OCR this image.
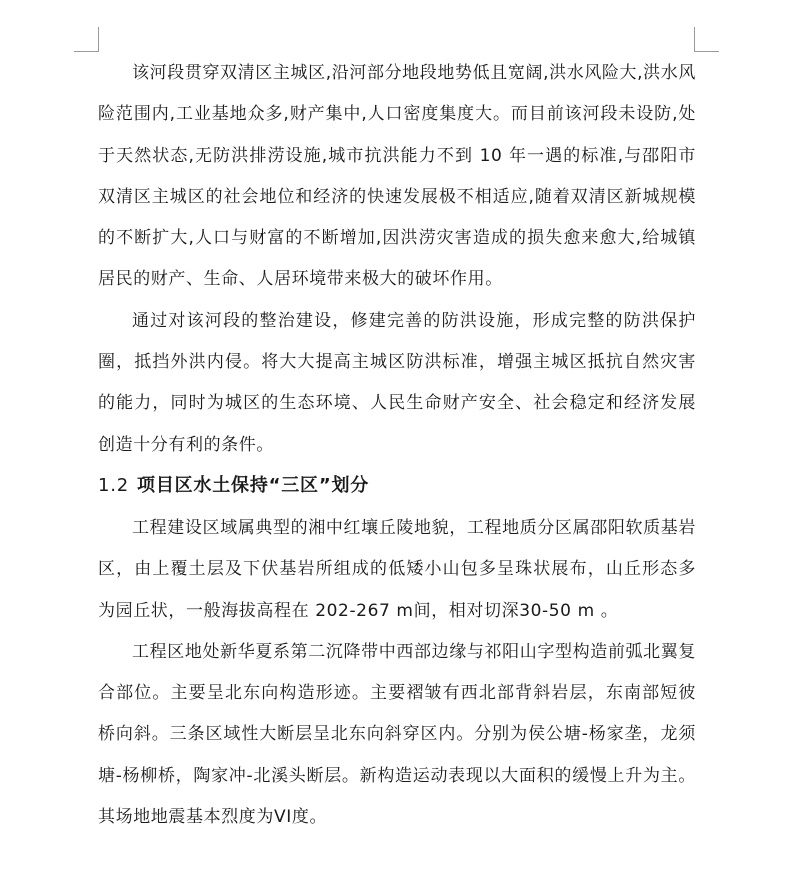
该河段贯穿双清区主城区,沿河部分地段地势低且宽阔,洪水风险大,洪水风险范围内,工业基地众多,财产集中,人口密度集度大。而目前该河段未设防,处于天然状态,无防洪排涝设施,城市抗洪能力不到 10 年一遇的标准,与邵阳市双清区主城区的社会地位和经济的快速发展极不相适应,随着双清区新城规模的不断扩大,人口与财富的不断增加,因洪涝灾害造成的损失愈来愈大,给城镇居民的财产、生命、人居环境带来极大的破坏作用。

通过对该河段的整治建设，修建完善的防洪设施，形成完整的防洪保护圈，抵挡外洪内侵。将大大提高主城区防洪标准，增强主城区抵抗自然灾害的能力，同时为城区的生态环境、人民生命财产安全、社会稳定和经济发展创造十分有利的条件。

1.2 项目区水土保持“三区”划分

工程建设区域属典型的湘中红壤丘陵地貌，工程地质分区属邵阳软质基岩区，由上覆土层及下伏基岩所组成的低矮小山包多呈珠状展布，山丘形态多为园丘状，一般海拔高程在 202-267 m间，相对切深30-50 m 。

工程区地处新华夏系第二沉降带中西部边缘与祁阳山字型构造前弧北翼复合部位。主要呈北东向构造形迹。主要褶皱有西北部背斜岩层，东南部短彼桥向斜。三条区域性大断层呈北东向斜穿区内。分别为侯公塘-杨家垄，龙须塘-杨柳桥，陶家冲-北溪头断层。新构造运动表现以大面积的缓慢上升为主。其场地地震基本烈度为VI度。
